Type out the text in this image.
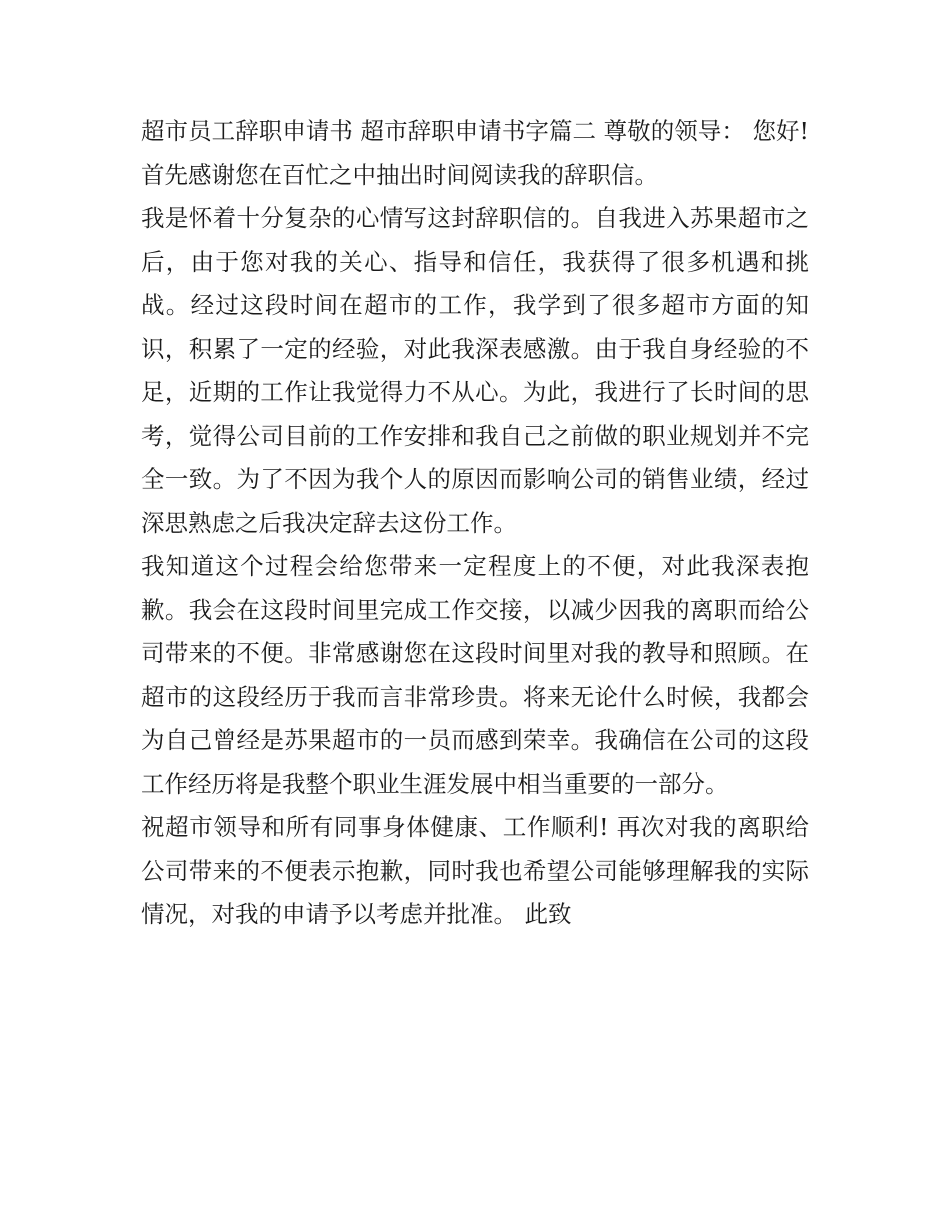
超市员工辞职申请书 超市辞职申请书字篇二 尊敬的领导： 您好! 首先感谢您在百忙之中抽出时间阅读我的辞职信。

我是怀着十分复杂的心情写这封辞职信的。自我进入苏果超市之后，由于您对我的关心、指导和信任，我获得了很多机遇和挑战。经过这段时间在超市的工作，我学到了很多超市方面的知识，积累了一定的经验，对此我深表感激。由于我自身经验的不足，近期的工作让我觉得力不从心。为此，我进行了长时间的思考，觉得公司目前的工作安排和我自己之前做的职业规划并不完全一致。为了不因为我个人的原因而影响公司的销售业绩，经过深思熟虑之后我决定辞去这份工作。

我知道这个过程会给您带来一定程度上的不便，对此我深表抱歉。我会在这段时间里完成工作交接，以减少因我的离职而给公司带来的不便。非常感谢您在这段时间里对我的教导和照顾。在超市的这段经历于我而言非常珍贵。将来无论什么时候，我都会为自己曾经是苏果超市的一员而感到荣幸。我确信在公司的这段工作经历将是我整个职业生涯发展中相当重要的一部分。

祝超市领导和所有同事身体健康、工作顺利! 再次对我的离职给公司带来的不便表示抱歉，同时我也希望公司能够理解我的实际情况，对我的申请予以考虑并批准。 此致
